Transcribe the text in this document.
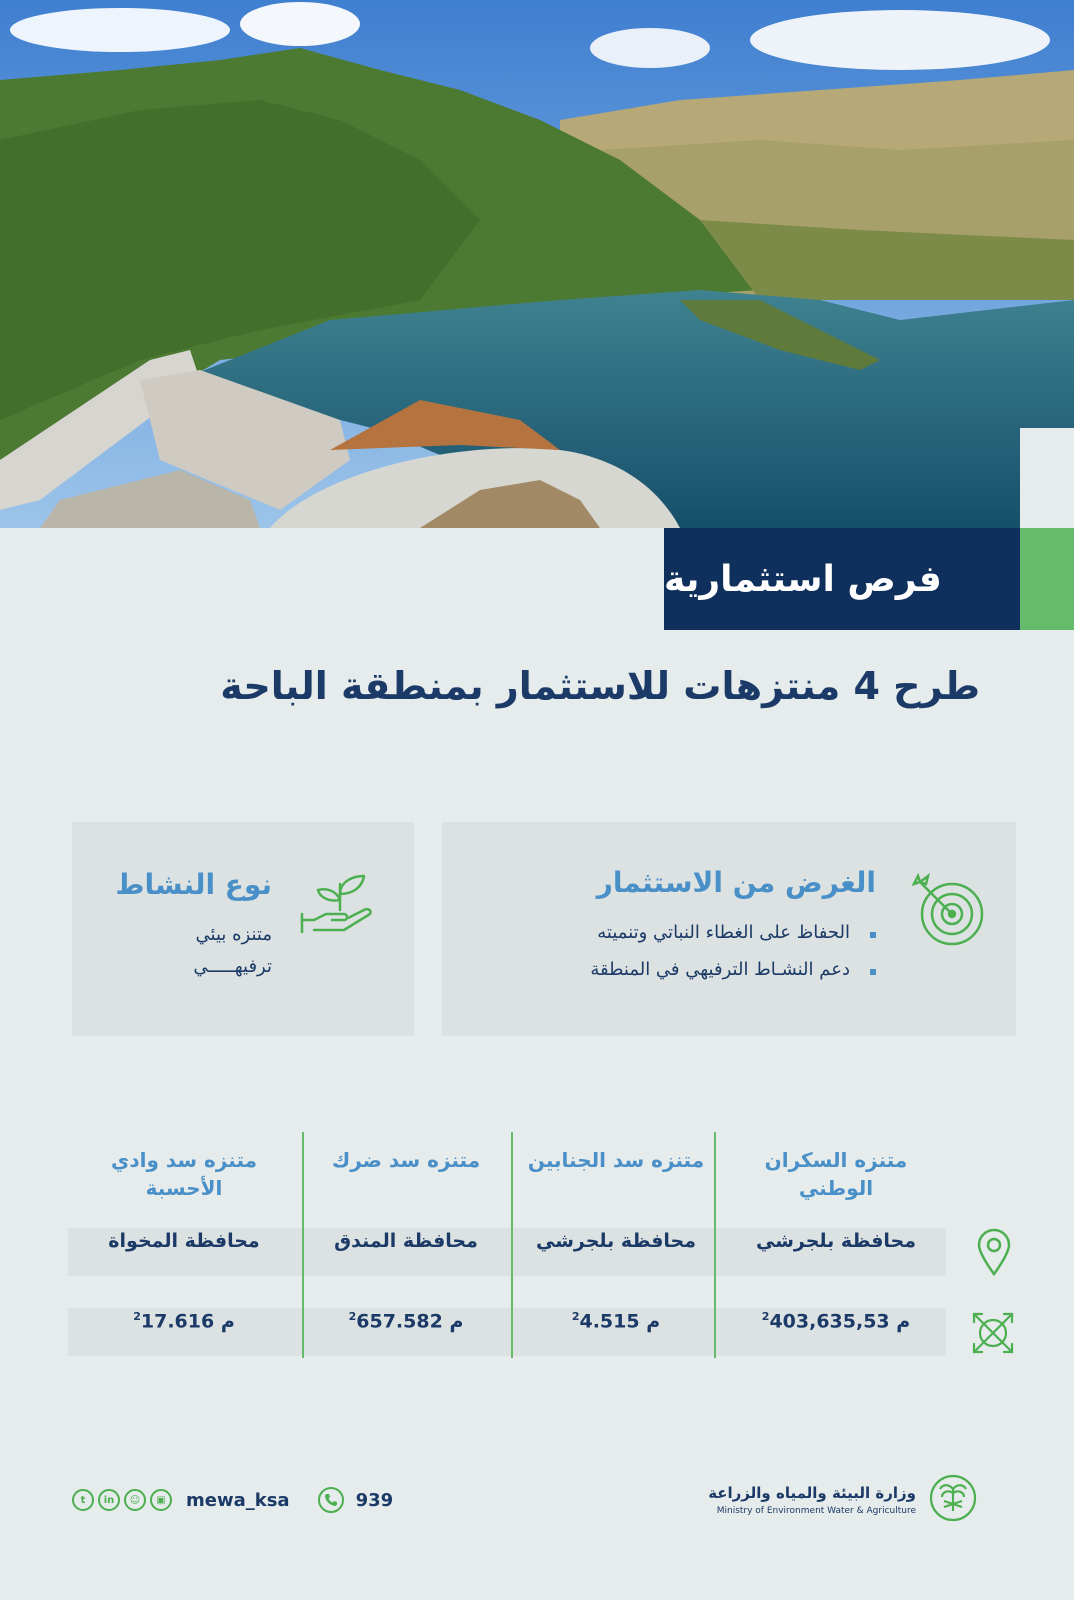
فرص استثمارية
طرح 4 منتزهات للاستثمار بمنطقة الباحة
الغرض من الاستثمار
الحفاظ على الغطاء النباتي وتنميته
دعم النشـاط الترفيهي في المنطقة
نوع النشاط
متنزه بيئي
ترفيهـــــي
متنزه السكران الوطني
محافظة بلجرشي
$^2$	م 403,635,53
متنزه سد الجنابين
محافظة بلجرشي
$^2$	م 4.515
متنزه سد ضرك
محافظة المندق
$^2$	م 657.582
متنزه سد وادي الأحسبة
محافظة المخواة
$^2$	م 17.616
t	in	☺	▣	mewa_ksa	939	وزارة البيئة والمياه والزراعة
Ministry of Environment Water & Agriculture
